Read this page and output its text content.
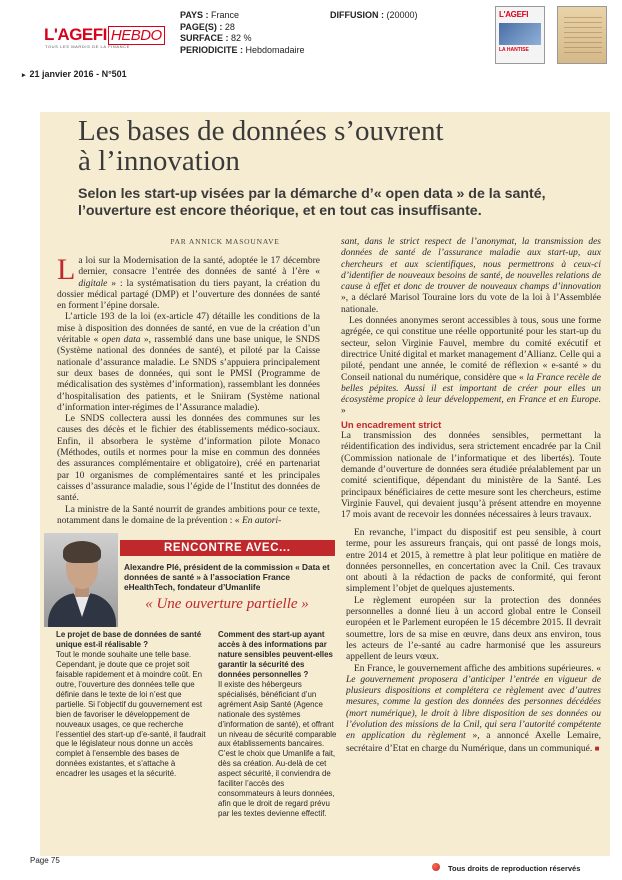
L'AGEFI HEBDO
TOUS LES MARDIS DE LA FINANCE
PAYS : France
PAGE(S) : 28
SURFACE : 82 %
PERIODICITE : Hebdomadaire
DIFFUSION : (20000)	L'AGEFI
LA HANTISE
▸ 21 janvier 2016 - N°501
Les bases de données s’ouvrent
à l’innovation
Selon les start-up visées par la démarche d’« open data » de la santé, l’ouverture est encore théorique, et en tout cas insuffisante.
PAR ANNICK MASOUNAVE
L a loi sur la Modernisation de la santé, adoptée le 17 décembre dernier, consacre l’entrée des données de santé à l’ère « digitale » : la systématisation du tiers payant, la création du dossier médical partagé (DMP) et l’ouverture des données de santé en forment l’épine dorsale.

L’article 193 de la loi (ex-article 47) détaille les conditions de la mise à disposition des données de santé, en vue de la création d’un véritable « open data », rassemblé dans une base unique, le SNDS (Système national des données de santé), et piloté par la Caisse nationale d’assurance maladie. Le SNDS s’appuiera principalement sur deux bases de données, qui sont le PMSI (Programme de médicalisation des systèmes d’information), rassemblant les données d’hospitalisation des patients, et le Sniiram (Système national d’information inter-régimes de l’Assurance maladie).

Le SNDS collectera aussi les données des communes sur les causes des décès et le fichier des établissements médico-sociaux. Enfin, il absorbera le système d’information pilote Monaco (Méthodes, outils et normes pour la mise en commun des données des assurances complémentaire et obligatoire), créé en partenariat par 10 organismes de complémentaires santé et les principales caisses d’assurance maladie, sous l’égide de l’Institut des données de santé.

La ministre de la Santé nourrit de grandes ambitions pour ce texte, notamment dans le domaine de la prévention : « En autori-

sant, dans le strict respect de l’anonymat, la transmission des données de santé de l’assurance maladie aux start-up, aux chercheurs et aux scientifiques, nous permettrons à ceux-ci d’identifier de nouveaux besoins de santé, de nouvelles relations de cause à effet et donc de trouver de nouveaux champs d’innovation », a déclaré Marisol Touraine lors du vote de la loi à l’Assemblée nationale.

Les données anonymes seront accessibles à tous, sous une forme agrégée, ce qui constitue une réelle opportunité pour les start-up du secteur, selon Virginie Fauvel, membre du comité exécutif et directrice Unité digital et market management d’Allianz. Celle qui a piloté, pendant une année, le comité de réflexion « e-santé » du Conseil national du numérique, considère que « la France recèle de belles pépites. Aussi il est important de créer pour elles un écosystème propice à leur développement, en France et en Europe. »

Un encadrement strict

La transmission des données sensibles, permettant la réidentification des individus, sera strictement encadrée par la Cnil (Commission nationale de l’informatique et des libertés). Toute demande d’ouverture de données sera étudiée préalablement par un comité scientifique, dépendant du ministère de la Santé. Les principaux bénéficiaires de cette mesure sont les chercheurs, estime Virginie Fauvel, qui devaient jusqu’à présent attendre en moyenne 17 mois avant de recevoir les données nécessaires à leurs travaux.

En revanche, l’impact du dispositif est peu sensible, à court terme, pour les assureurs français, qui ont passé de longs mois, entre 2014 et 2015, à remettre à plat leur politique en matière de données personnelles, en concertation avec la Cnil. Ces travaux ont abouti à la rédaction de packs de conformité, qui feront simplement l’objet de quelques ajustements.

Le règlement européen sur la protection des données personnelles a donné lieu à un accord global entre le Conseil européen et le Parlement européen le 15 décembre 2015. Il devrait soumettre, lors de sa mise en œuvre, dans deux ans environ, tous les acteurs de l’e-santé au cadre harmonisé que les assureurs appellent de leurs vœux.

En France, le gouvernement affiche des ambitions supérieures. « Le gouvernement proposera d’anticiper l’entrée en vigueur de plusieurs dispositions et complétera ce règlement avec d’autres mesures, comme la gestion des données des personnes décédées (mort numérique), le droit à libre disposition de ses données ou l’évolution des missions de la Cnil, qui sera l’autorité compétente en application du règlement », a annoncé Axelle Lemaire, secrétaire d’Etat en charge du Numérique, dans un communiqué. ■

RENCONTRE AVEC...
Alexandre Plé, président de la commission « Data et données de santé » à l’association France eHealthTech, fondateur d’Umanlife
« Une ouverture partielle »
Le projet de base de données de santé unique est-il réalisable ?
Tout le monde souhaite une telle base. Cependant, je doute que ce projet soit faisable rapidement et à moindre coût. En outre, l’ouverture des données telle que définie dans le texte de loi n’est que partielle. Si l’objectif du gouvernement est bien de favoriser le développement de nouveaux usages, ce que recherche l’essentiel des start-up d’e-santé, il faudrait que le législateur nous donne un accès complet à l’ensemble des bases de données existantes, et s’attache à encadrer les usages et la sécurité.
Comment des start-up ayant accès à des informations par nature sensibles peuvent-elles garantir la sécurité des données personnelles ?
Il existe des hébergeurs spécialisés, bénéficiant d’un agrément Asip Santé (Agence nationale des systèmes d’information de santé), et offrant un niveau de sécurité comparable aux établissements bancaires. C’est le choix que Umanlife a fait, dès sa création. Au-delà de cet aspect sécurité, il conviendra de faciliter l’accès des consommateurs à leurs données, afin que le droit de regard prévu par les textes devienne effectif.
Page 75
Tous droits de reproduction réservés
